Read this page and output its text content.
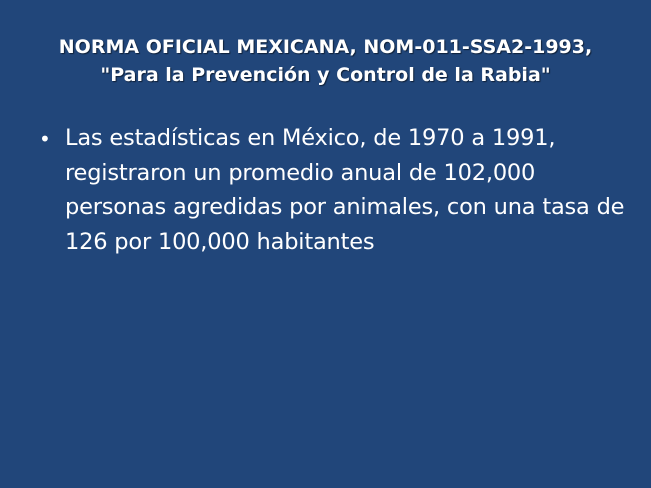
NORMA OFICIAL MEXICANA, NOM-011-SSA2-1993,
"Para la Prevención y Control de la Rabia"
• Las estadísticas en México, de 1970 a 1991, registraron un promedio anual de 102,000 personas agredidas por animales, con una tasa de 126 por 100,000 habitantes
